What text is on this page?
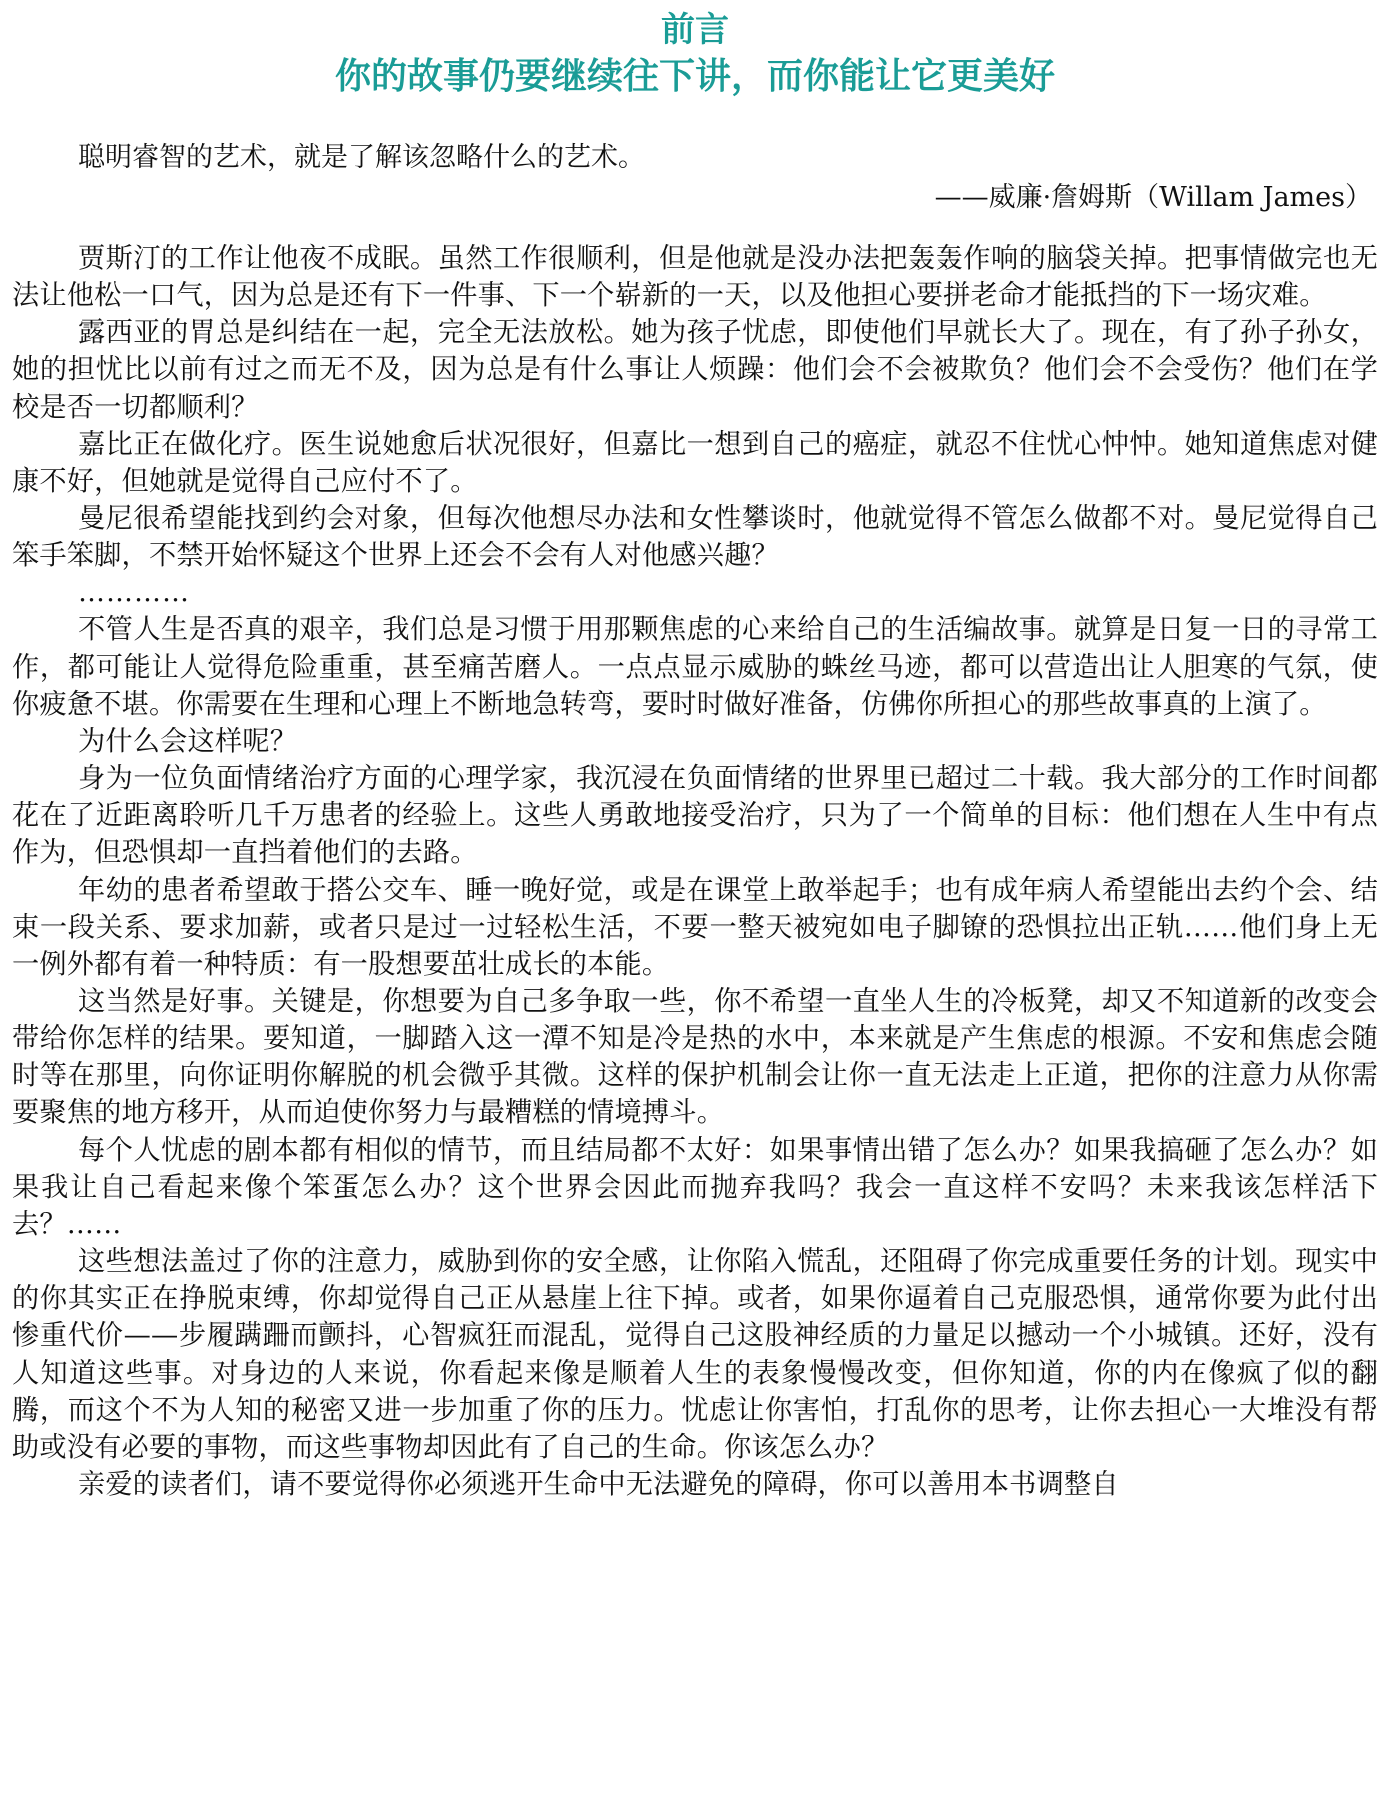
前言
你的故事仍要继续往下讲，而你能让它更美好

聪明睿智的艺术，就是了解该忽略什么的艺术。

——威廉·詹姆斯（Willam James）

贾斯汀的工作让他夜不成眠。虽然工作很顺利，但是他就是没办法把轰轰作响的脑袋关掉。把事情做完也无法让他松一口气，因为总是还有下一件事、下一个崭新的一天，以及他担心要拼老命才能抵挡的下一场灾难。

露西亚的胃总是纠结在一起，完全无法放松。她为孩子忧虑，即使他们早就长大了。现在，有了孙子孙女，她的担忧比以前有过之而无不及，因为总是有什么事让人烦躁：他们会不会被欺负？他们会不会受伤？他们在学校是否一切都顺利？

嘉比正在做化疗。医生说她愈后状况很好，但嘉比一想到自己的癌症，就忍不住忧心忡忡。她知道焦虑对健康不好，但她就是觉得自己应付不了。

曼尼很希望能找到约会对象，但每次他想尽办法和女性攀谈时，他就觉得不管怎么做都不对。曼尼觉得自己笨手笨脚，不禁开始怀疑这个世界上还会不会有人对他感兴趣？

…………

不管人生是否真的艰辛，我们总是习惯于用那颗焦虑的心来给自己的生活编故事。就算是日复一日的寻常工作，都可能让人觉得危险重重，甚至痛苦磨人。一点点显示威胁的蛛丝马迹，都可以营造出让人胆寒的气氛，使你疲惫不堪。你需要在生理和心理上不断地急转弯，要时时做好准备，仿佛你所担心的那些故事真的上演了。

为什么会这样呢？

身为一位负面情绪治疗方面的心理学家，我沉浸在负面情绪的世界里已超过二十载。我大部分的工作时间都花在了近距离聆听几千万患者的经验上。这些人勇敢地接受治疗，只为了一个简单的目标：他们想在人生中有点作为，但恐惧却一直挡着他们的去路。

年幼的患者希望敢于搭公交车、睡一晚好觉，或是在课堂上敢举起手；也有成年病人希望能出去约个会、结束一段关系、要求加薪，或者只是过一过轻松生活，不要一整天被宛如电子脚镣的恐惧拉出正轨……他们身上无一例外都有着一种特质：有一股想要茁壮成长的本能。

这当然是好事。关键是，你想要为自己多争取一些，你不希望一直坐人生的冷板凳，却又不知道新的改变会带给你怎样的结果。要知道，一脚踏入这一潭不知是冷是热的水中，本来就是产生焦虑的根源。不安和焦虑会随时等在那里，向你证明你解脱的机会微乎其微。这样的保护机制会让你一直无法走上正道，把你的注意力从你需要聚焦的地方移开，从而迫使你努力与最糟糕的情境搏斗。

每个人忧虑的剧本都有相似的情节，而且结局都不太好：如果事情出错了怎么办？如果我搞砸了怎么办？如果我让自己看起来像个笨蛋怎么办？这个世界会因此而抛弃我吗？我会一直这样不安吗？未来我该怎样活下去？……

这些想法盖过了你的注意力，威胁到你的安全感，让你陷入慌乱，还阻碍了你完成重要任务的计划。现实中的你其实正在挣脱束缚，你却觉得自己正从悬崖上往下掉。或者，如果你逼着自己克服恐惧，通常你要为此付出惨重代价——步履蹒跚而颤抖，心智疯狂而混乱，觉得自己这股神经质的力量足以撼动一个小城镇。还好，没有人知道这些事。对身边的人来说，你看起来像是顺着人生的表象慢慢改变，但你知道，你的内在像疯了似的翻腾，而这个不为人知的秘密又进一步加重了你的压力。忧虑让你害怕，打乱你的思考，让你去担心一大堆没有帮助或没有必要的事物，而这些事物却因此有了自己的生命。你该怎么办？

亲爱的读者们，请不要觉得你必须逃开生命中无法避免的障碍，你可以善用本书调整自
